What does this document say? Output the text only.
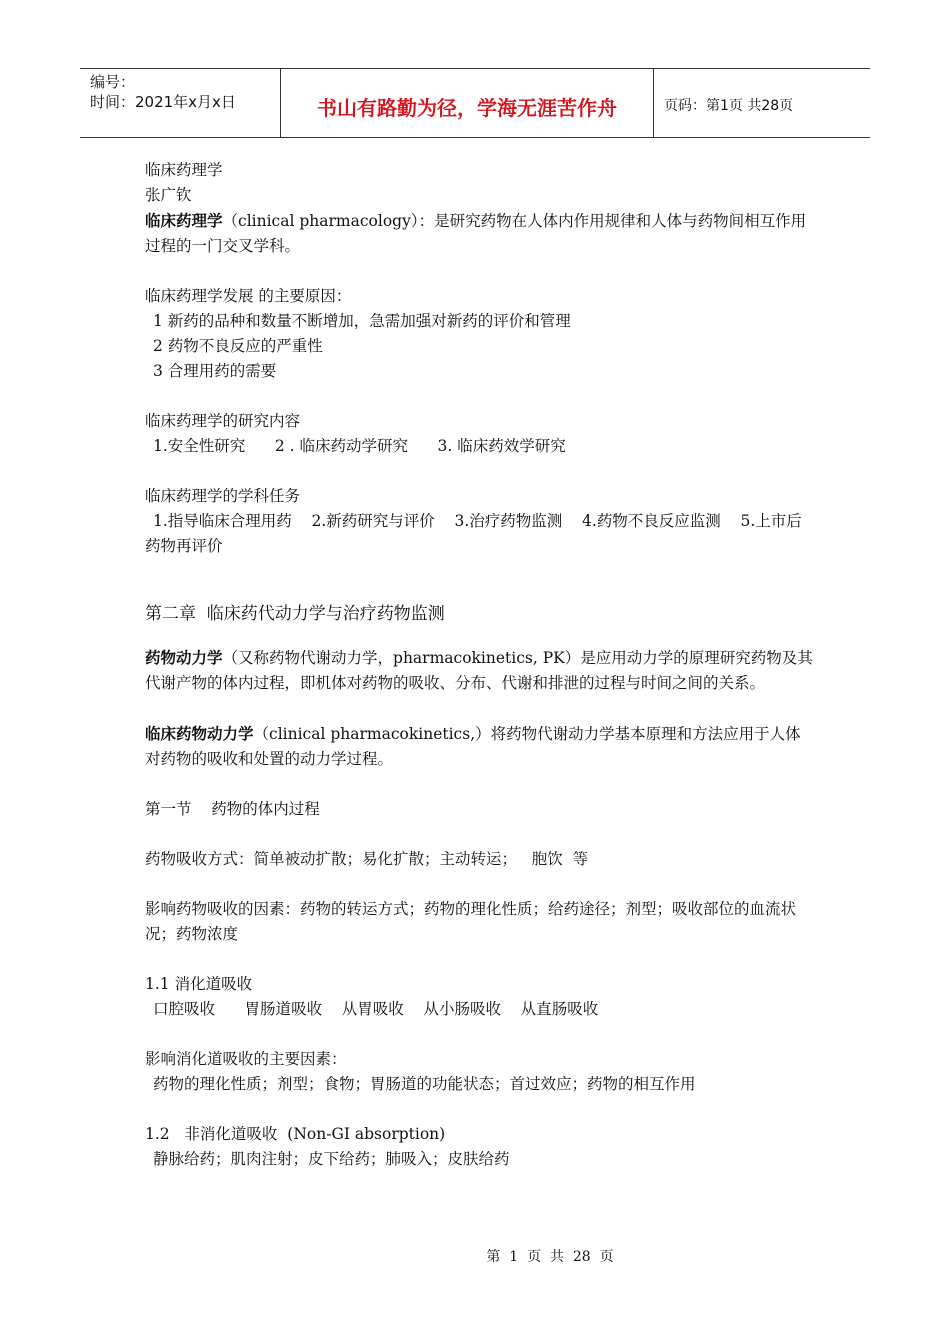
编号：
时间：2021年x月x日	书山有路勤为径，学海无涯苦作舟	页码：第1页 共28页

临床药理学

张广钦

临床药理学（clinical pharmacology）：是研究药物在人体内作用规律和人体与药物间相互作用过程的一门交叉学科。

临床药理学发展 的主要原因：

1 新药的品种和数量不断增加，急需加强对新药的评价和管理

2 药物不良反应的严重性

3 合理用药的需要

临床药理学的研究内容

1.安全性研究      2 . 临床药动学研究      3. 临床药效学研究

临床药理学的学科任务

1.指导临床合理用药    2.新药研究与评价    3.治疗药物监测    4.药物不良反应监测    5.上市后药物再评价

第二章  临床药代动力学与治疗药物监测

药物动力学（又称药物代谢动力学，pharmacokinetics, PK）是应用动力学的原理研究药物及其代谢产物的体内过程，即机体对药物的吸收、分布、代谢和排泄的过程与时间之间的关系。

临床药物动力学（clinical pharmacokinetics,）将药物代谢动力学基本原理和方法应用于人体对药物的吸收和处置的动力学过程。

第一节    药物的体内过程

药物吸收方式：简单被动扩散；易化扩散；主动转运；   胞饮  等

影响药物吸收的因素：药物的转运方式；药物的理化性质；给药途径；剂型；吸收部位的血流状况；药物浓度

1.1 消化道吸收

口腔吸收      胃肠道吸收    从胃吸收    从小肠吸收    从直肠吸收

影响消化道吸收的主要因素：

药物的理化性质；剂型；食物；胃肠道的功能状态；首过效应；药物的相互作用

1.2   非消化道吸收  (Non-GI absorption)

静脉给药；肌肉注射；皮下给药；肺吸入；皮肤给药

第  1  页  共  28  页
